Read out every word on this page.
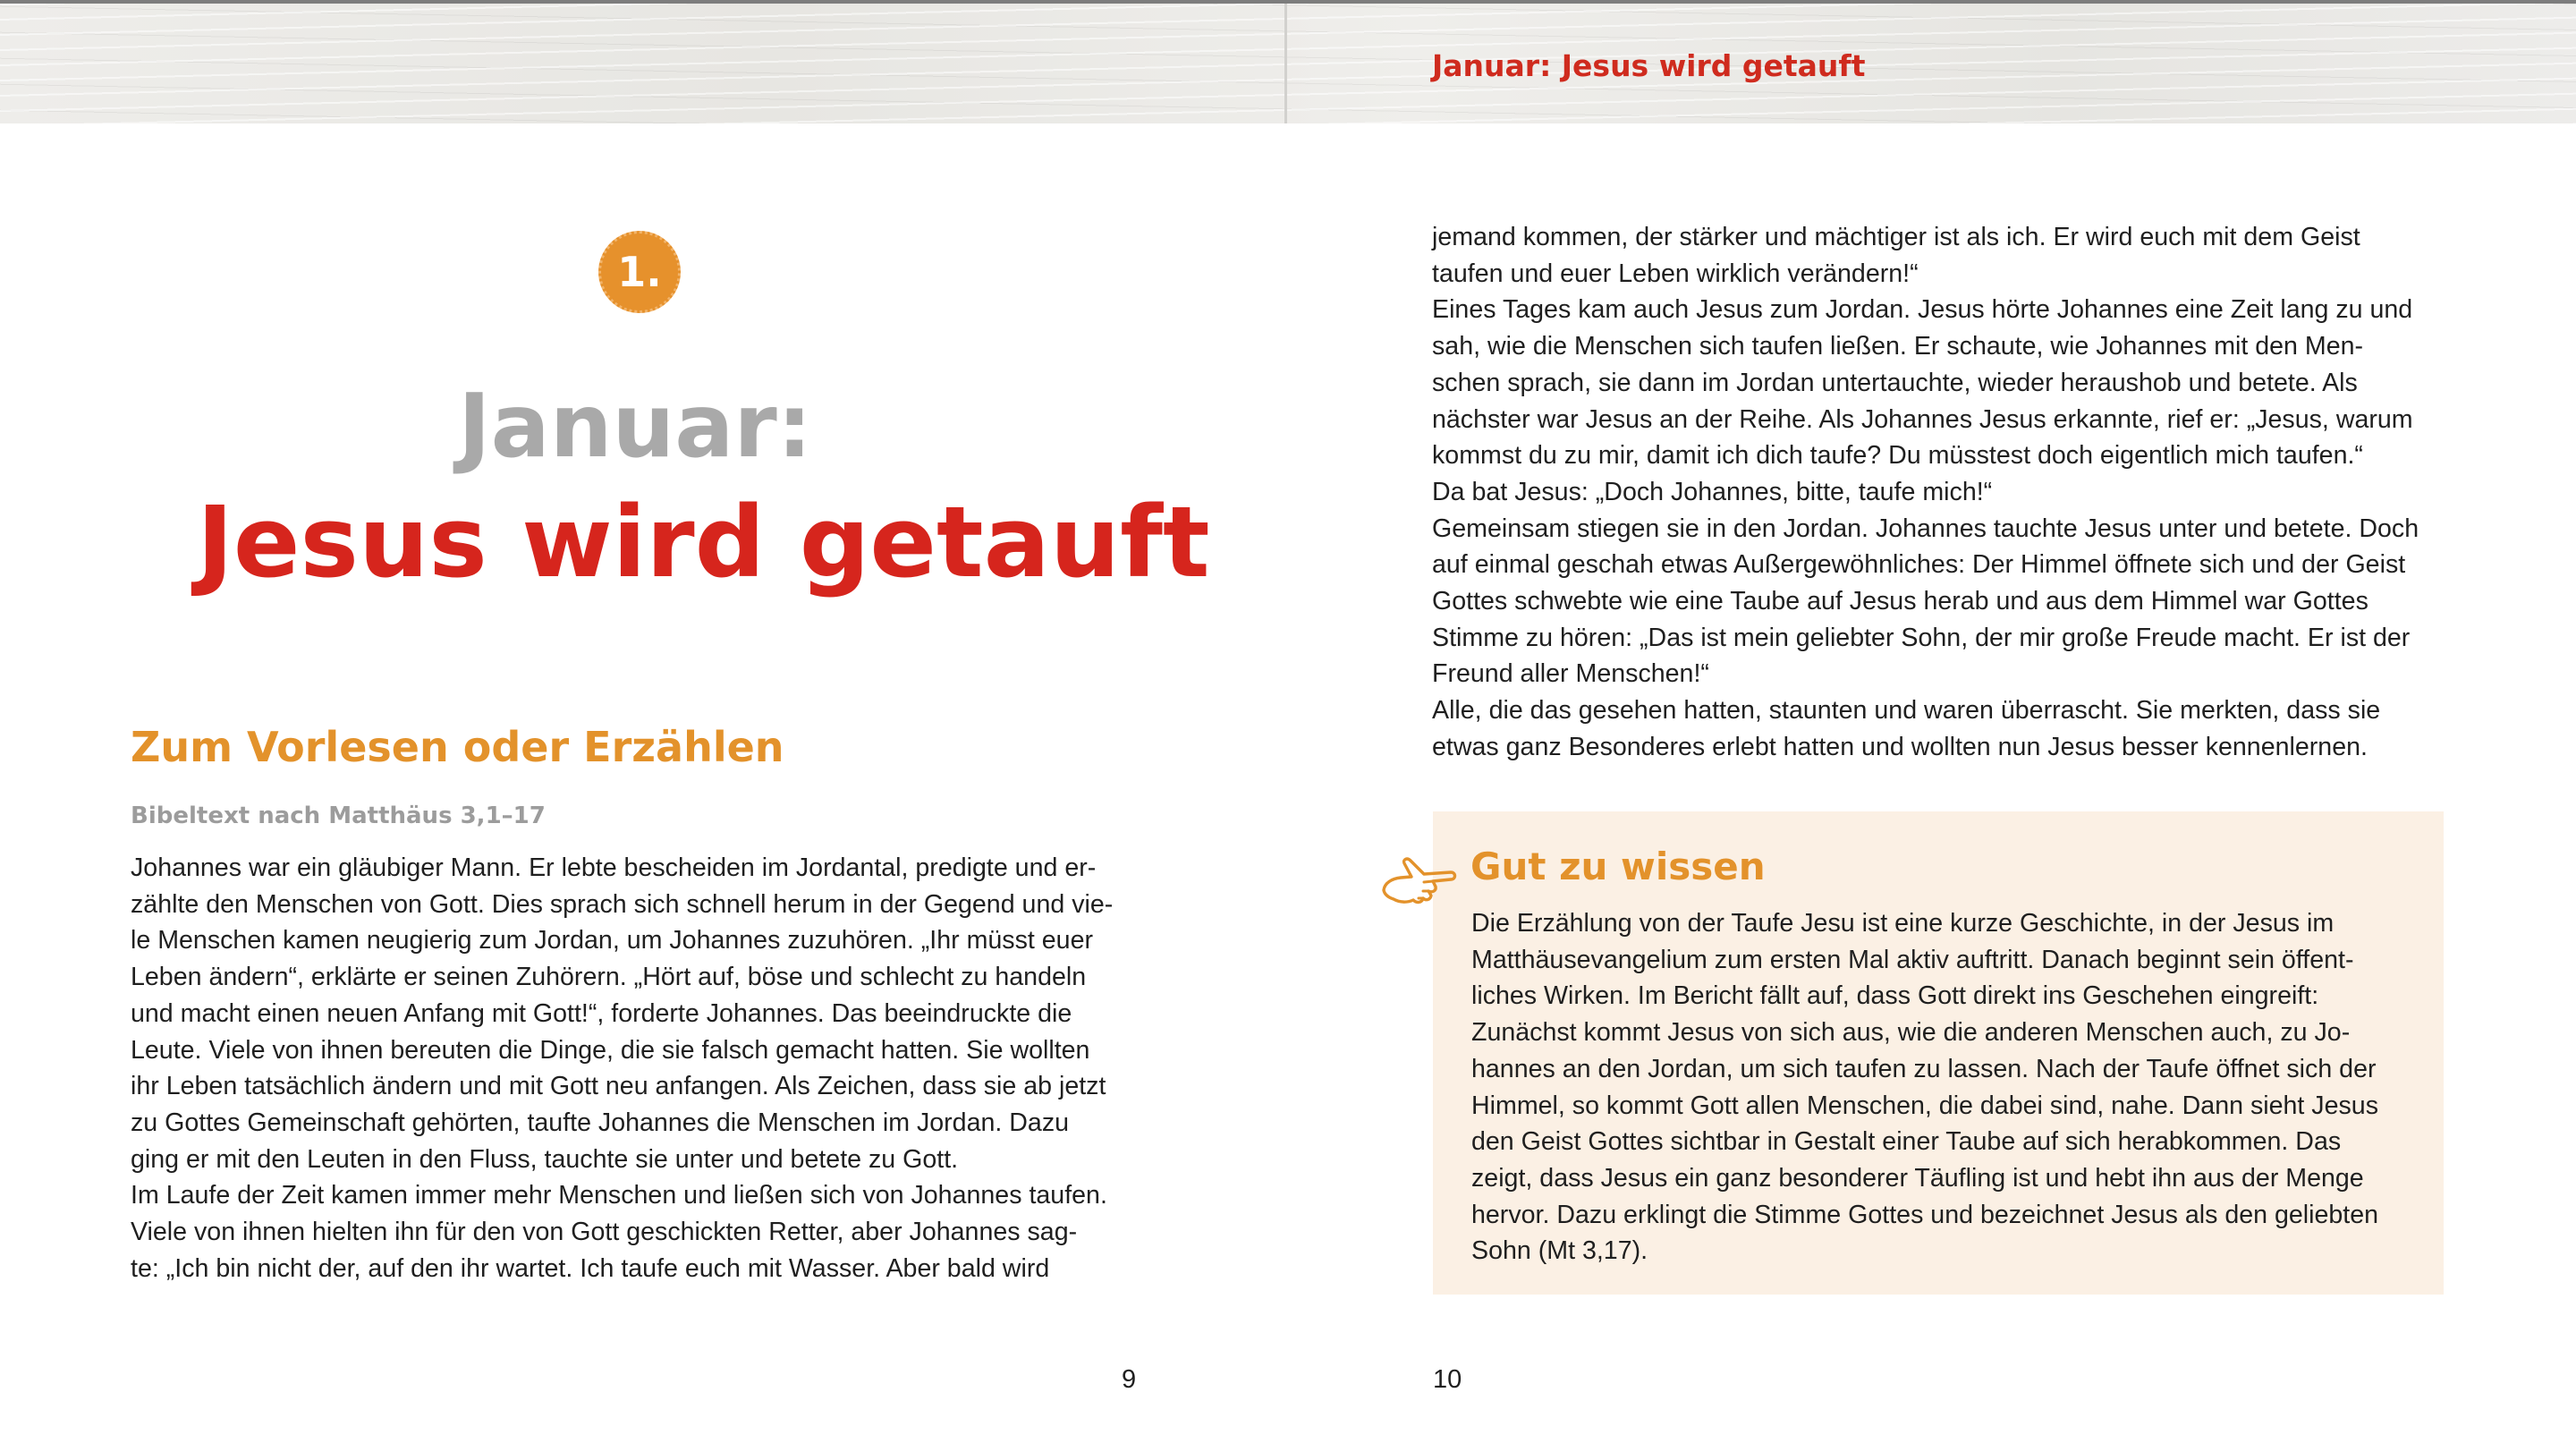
Januar: Jesus wird getauft
1.
Januar:
Jesus wird getauft
Zum Vorlesen oder Erzählen
Bibeltext nach Matthäus 3,1–17
Johannes war ein gläubiger Mann. Er lebte bescheiden im Jordantal, predigte und er-
zählte den Menschen von Gott. Dies sprach sich schnell herum in der Gegend und vie-
le Menschen kamen neugierig zum Jordan, um Johannes zuzuhören. „Ihr müsst euer
Leben ändern“, erklärte er seinen Zuhörern. „Hört auf, böse und schlecht zu handeln
und macht einen neuen Anfang mit Gott!“, forderte Johannes. Das beeindruckte die
Leute. Viele von ihnen bereuten die Dinge, die sie falsch gemacht hatten. Sie wollten
ihr Leben tatsächlich ändern und mit Gott neu anfangen. Als Zeichen, dass sie ab jetzt
zu Gottes Gemeinschaft gehörten, taufte Johannes die Menschen im Jordan. Dazu
ging er mit den Leuten in den Fluss, tauchte sie unter und betete zu Gott.
Im Laufe der Zeit kamen immer mehr Menschen und ließen sich von Johannes taufen.
Viele von ihnen hielten ihn für den von Gott geschickten Retter, aber Johannes sag-
te: „Ich bin nicht der, auf den ihr wartet. Ich taufe euch mit Wasser. Aber bald wird
9
jemand kommen, der stärker und mächtiger ist als ich. Er wird euch mit dem Geist
taufen und euer Leben wirklich verändern!“
Eines Tages kam auch Jesus zum Jordan. Jesus hörte Johannes eine Zeit lang zu und
sah, wie die Menschen sich taufen ließen. Er schaute, wie Johannes mit den Men-
schen sprach, sie dann im Jordan untertauchte, wieder heraushob und betete. Als
nächster war Jesus an der Reihe. Als Johannes Jesus erkannte, rief er: „Jesus, warum
kommst du zu mir, damit ich dich taufe? Du müsstest doch eigentlich mich taufen.“
Da bat Jesus: „Doch Johannes, bitte, taufe mich!“
Gemeinsam stiegen sie in den Jordan. Johannes tauchte Jesus unter und betete. Doch
auf einmal geschah etwas Außergewöhnliches: Der Himmel öffnete sich und der Geist
Gottes schwebte wie eine Taube auf Jesus herab und aus dem Himmel war Gottes
Stimme zu hören: „Das ist mein geliebter Sohn, der mir große Freude macht. Er ist der
Freund aller Menschen!“
Alle, die das gesehen hatten, staunten und waren überrascht. Sie merkten, dass sie
etwas ganz Besonderes erlebt hatten und wollten nun Jesus besser kennenlernen.
Gut zu wissen
Die Erzählung von der Taufe Jesu ist eine kurze Geschichte, in der Jesus im
Matthäusevangelium zum ersten Mal aktiv auftritt. Danach beginnt sein öffent-
liches Wirken. Im Bericht fällt auf, dass Gott direkt ins Geschehen eingreift:
Zunächst kommt Jesus von sich aus, wie die anderen Menschen auch, zu Jo-
hannes an den Jordan, um sich taufen zu lassen. Nach der Taufe öffnet sich der
Himmel, so kommt Gott allen Menschen, die dabei sind, nahe. Dann sieht Jesus
den Geist Gottes sichtbar in Gestalt einer Taube auf sich herabkommen. Das
zeigt, dass Jesus ein ganz besonderer Täufling ist und hebt ihn aus der Menge
hervor. Dazu erklingt die Stimme Gottes und bezeichnet Jesus als den geliebten
Sohn (Mt 3,17).
10
